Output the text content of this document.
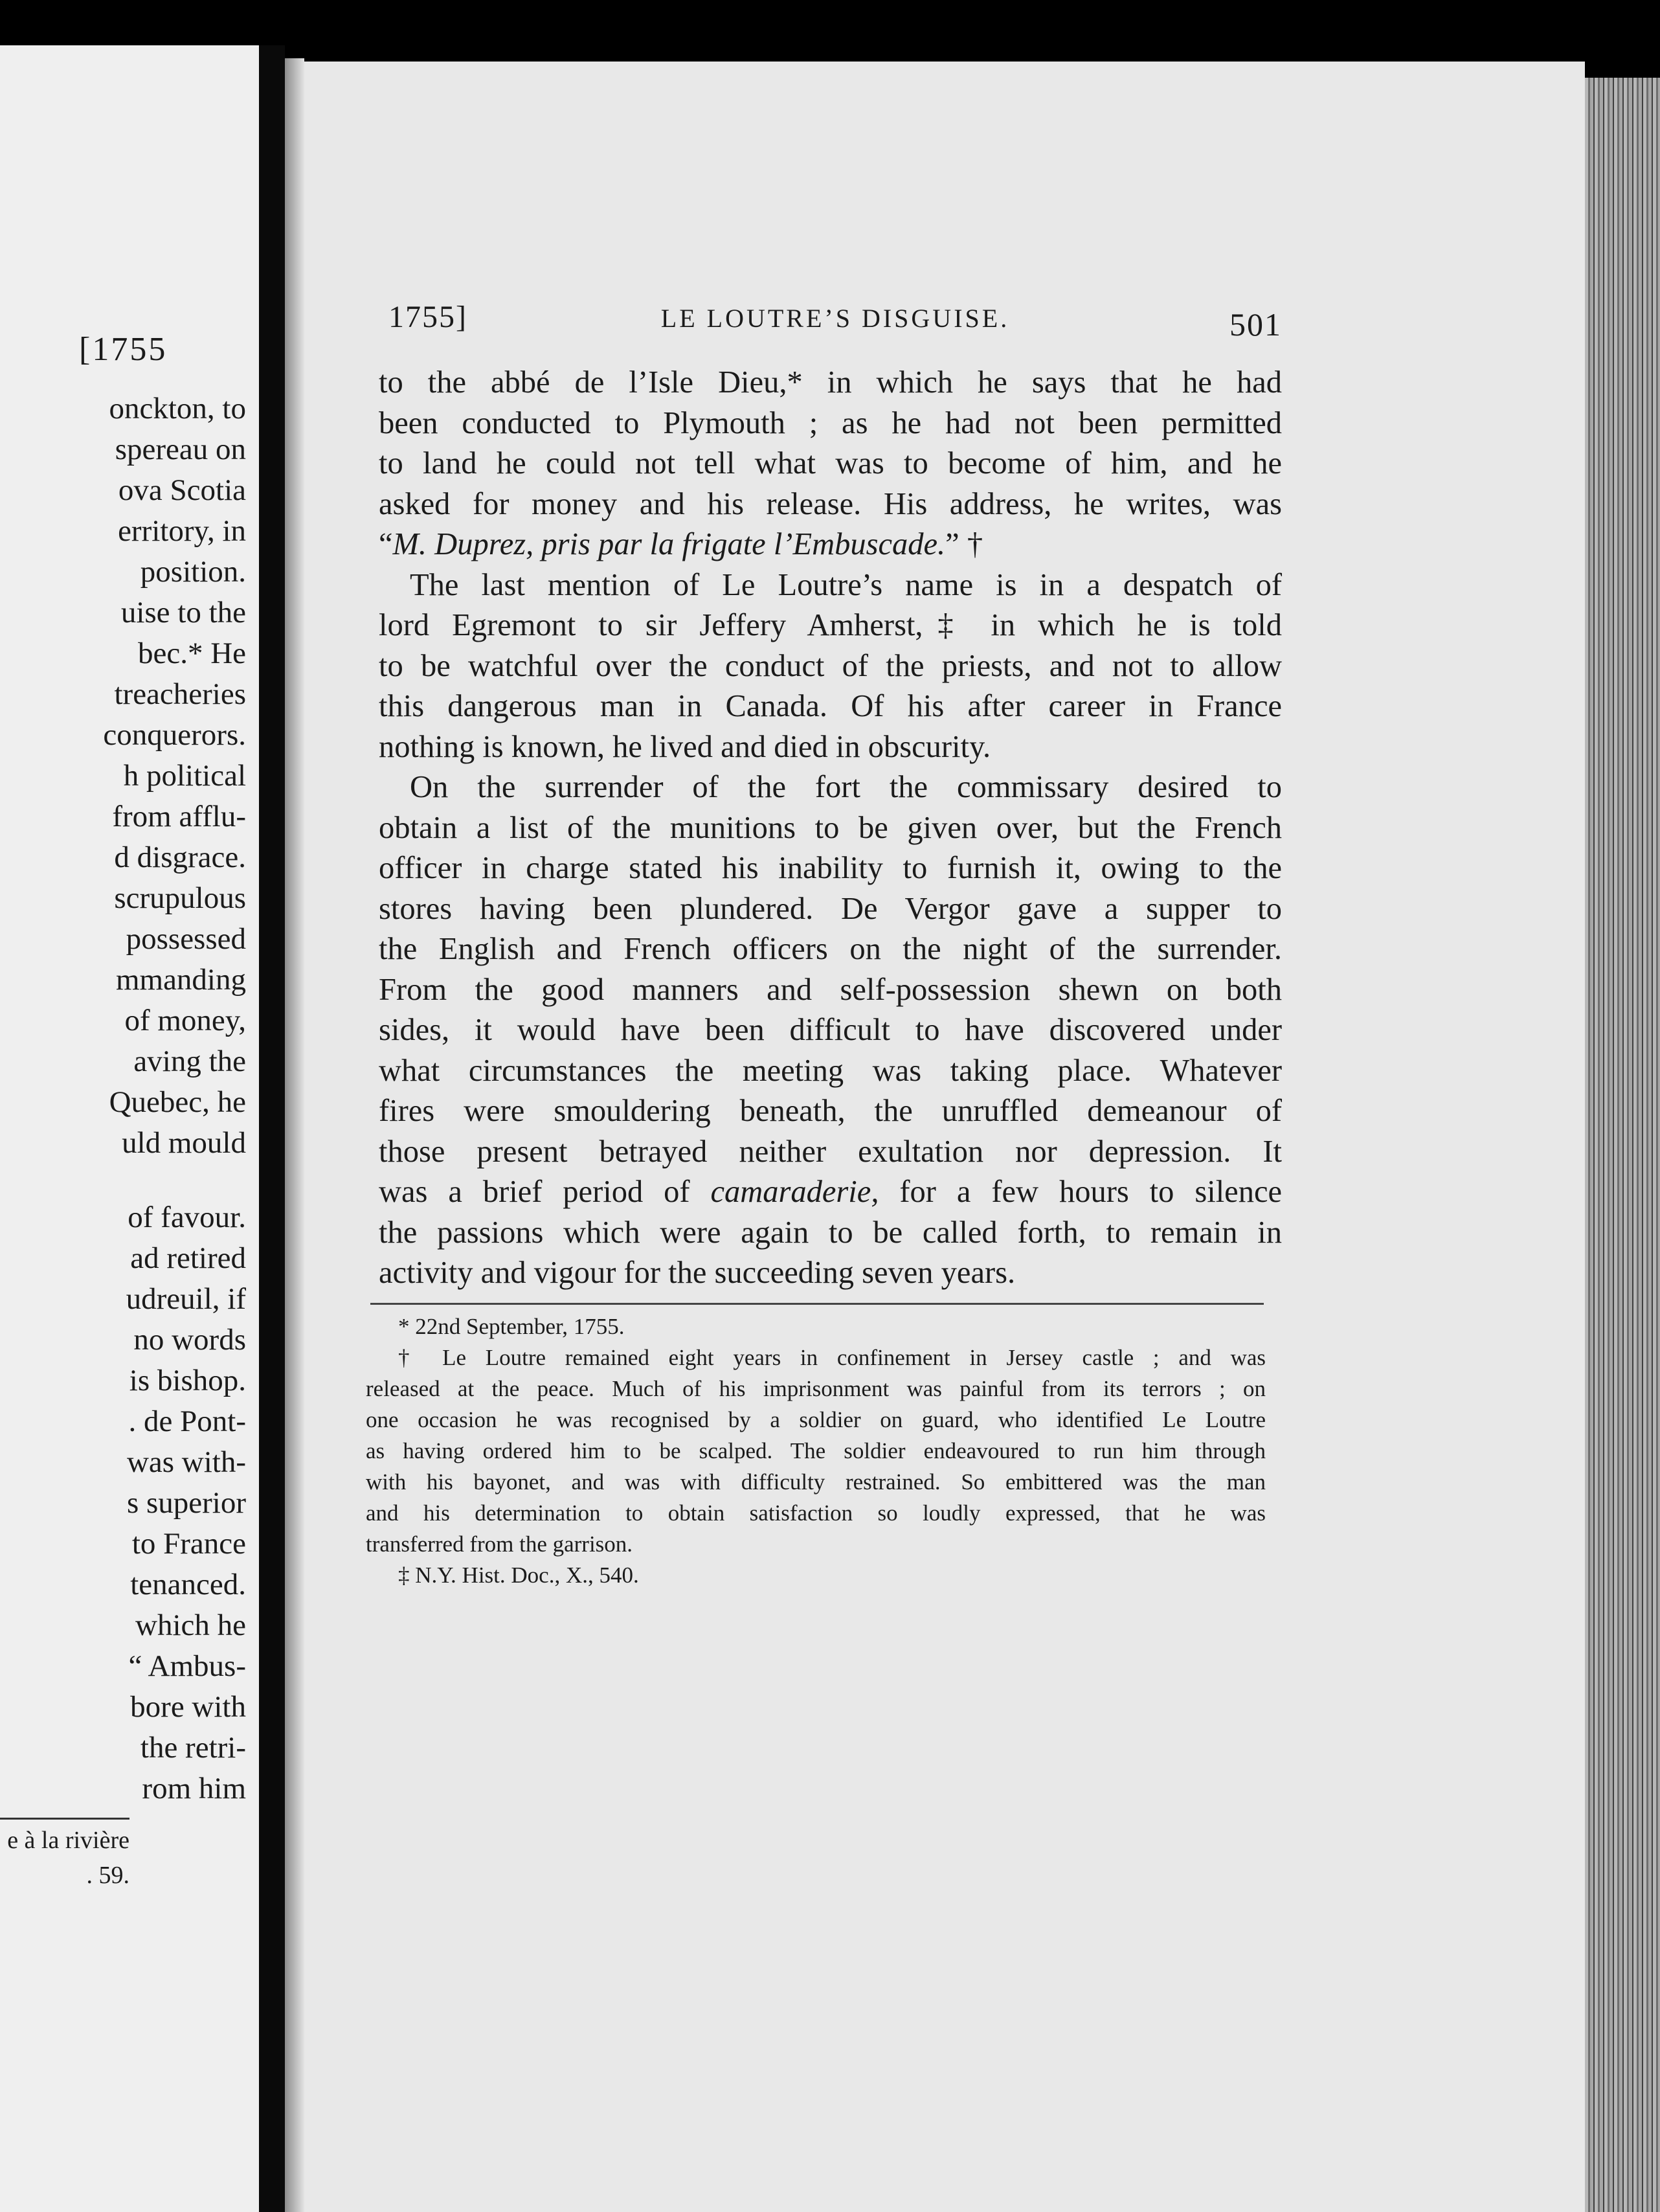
[1755
onckton, to
spereau on
ova Scotia
erritory, in
position.
uise to the
bec.* He
treacheries
conquerors.
h political
from afflu-
d disgrace.
scrupulous
possessed
mmanding
of money,
aving the
Quebec, he
uld mould
of favour.
ad retired
udreuil, if
no words
is bishop.
. de Pont-
was with-
s superior
to France
tenanced.
which he
“ Ambus-
bore with
the retri-
rom him
e à la rivière
. 59.
1755]	LE LOUTRE’S DISGUISE.	501
to the abbé de l’Isle Dieu,* in which he says that he had
been conducted to Plymouth ; as he had not been permitted
to land he could not tell what was to become of him, and he
asked for money and his release. His address, he writes, was
“M. Duprez, pris par la frigate l’Embuscade.” †
The last mention of Le Loutre’s name is in a despatch of
lord Egremont to sir Jeffery Amherst,‡ in which he is told
to be watchful over the conduct of the priests, and not to allow
this dangerous man in Canada. Of his after career in France
nothing is known, he lived and died in obscurity.
On the surrender of the fort the commissary desired to
obtain a list of the munitions to be given over, but the French
officer in charge stated his inability to furnish it, owing to the
stores having been plundered. De Vergor gave a supper to
the English and French officers on the night of the surrender.
From the good manners and self-possession shewn on both
sides, it would have been difficult to have discovered under
what circumstances the meeting was taking place. Whatever
fires were smouldering beneath, the unruffled demeanour of
those present betrayed neither exultation nor depression. It
was a brief period of camaraderie, for a few hours to silence
the passions which were again to be called forth, to remain in
activity and vigour for the succeeding seven years.
* 22nd September, 1755.
† Le Loutre remained eight years in confinement in Jersey castle ; and was
released at the peace. Much of his imprisonment was painful from its terrors ; on
one occasion he was recognised by a soldier on guard, who identified Le Loutre
as having ordered him to be scalped. The soldier endeavoured to run him through
with his bayonet, and was with difficulty restrained. So embittered was the man
and his determination to obtain satisfaction so loudly expressed, that he was
transferred from the garrison.
‡ N.Y. Hist. Doc., X., 540.
